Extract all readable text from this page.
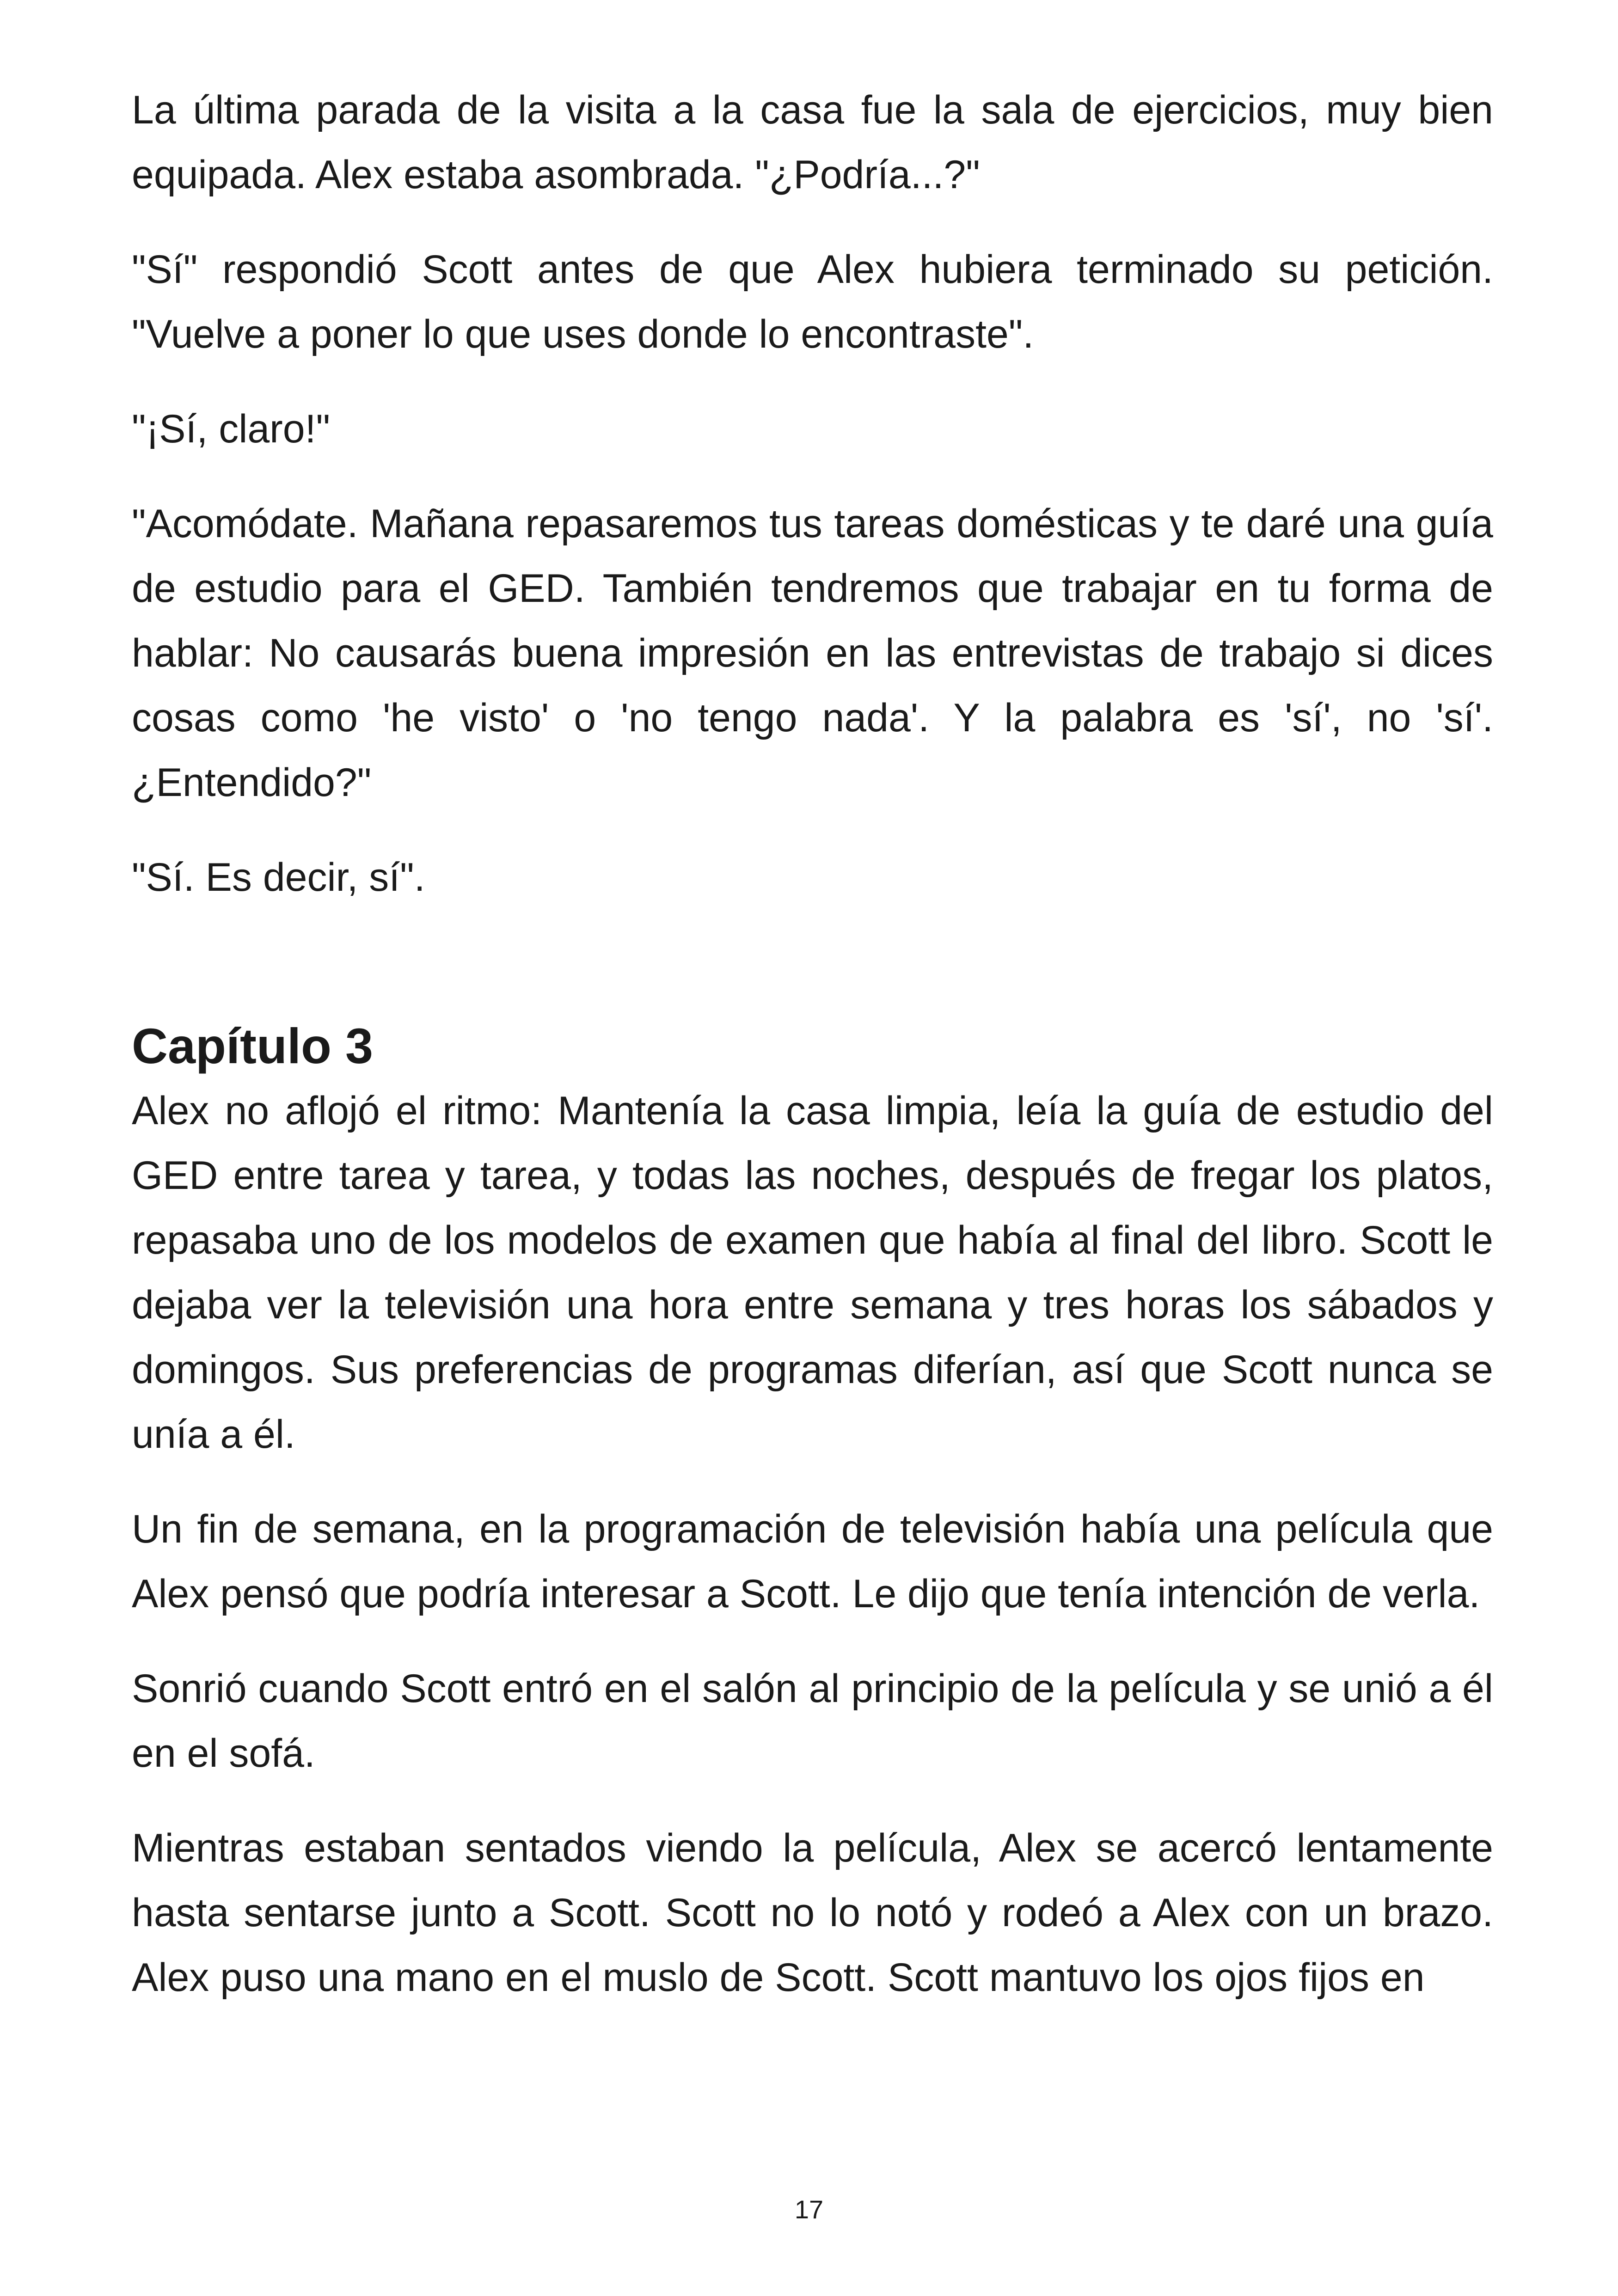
La última parada de la visita a la casa fue la sala de ejercicios, muy bien equipada. Alex estaba asombrada. "¿Podría...?"

"Sí" respondió Scott antes de que Alex hubiera terminado su petición. "Vuelve a poner lo que uses donde lo encontraste".

"¡Sí, claro!"

"Acomódate. Mañana repasaremos tus tareas domésticas y te daré una guía de estudio para el GED. También tendremos que trabajar en tu forma de hablar: No causarás buena impresión en las entrevistas de trabajo si dices cosas como 'he visto' o 'no tengo nada'. Y la palabra es 'sí', no 'sí'. ¿Entendido?"

"Sí. Es decir, sí".

Capítulo 3

Alex no aflojó el ritmo: Mantenía la casa limpia, leía la guía de estudio del GED entre tarea y tarea, y todas las noches, después de fregar los platos, repasaba uno de los modelos de examen que había al final del libro. Scott le dejaba ver la televisión una hora entre semana y tres horas los sábados y domingos. Sus preferencias de programas diferían, así que Scott nunca se unía a él.

Un fin de semana, en la programación de televisión había una película que Alex pensó que podría interesar a Scott. Le dijo que tenía intención de verla.

Sonrió cuando Scott entró en el salón al principio de la película y se unió a él en el sofá.

Mientras estaban sentados viendo la película, Alex se acercó lentamente hasta sentarse junto a Scott. Scott no lo notó y rodeó a Alex con un brazo. Alex puso una mano en el muslo de Scott. Scott mantuvo los ojos fijos en

17
